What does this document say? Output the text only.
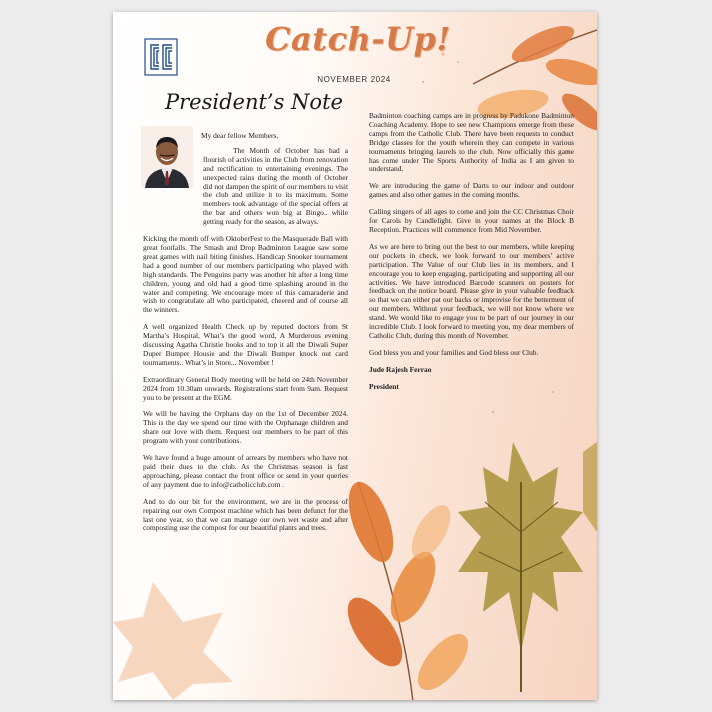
Catch-Up!
NOVEMBER 2024
President’s Note

My dear fellow Members,

The Month of October has had a flourish of activities in the Club from renovation and rectification to entertaining evenings. The unexpected rains during the month of October did not dampen the spirit of our members to visit the club and utilize it to its maximum. Some members took advantage of the special offers at the bar and others won big at Bingo.. while getting ready for the season, as always.

Kicking the month off with OktoberFest to the Masquerade Ball with great footfalls. The Smash and Drop Badminton League saw some great games with nail biting finishes. Handicap Snooker tournament had a good number of our members participating who played with high standards. The Penguins party was another hit after a long time children, young and old had a good time splashing around in the water and competing. We encourage more of this camaraderie and wish to congratulate all who participated, cheered and of course all the winners.

A well organized Health Check up by reputed doctors from St Martha’s Hospital, What’s the good word, A Murderous evening discussing Agatha Christie books and to top it all the Diwali Super Duper Bumper Housie and the Diwali Bumper knock out card tournaments.. What’s in Store... November !

Extraordinary General Body meeting will be held on 24th November 2024 from 10.30am onwards. Registrations start from 9am. Request you to be present at the EGM.

We will be having the Orphans day on the 1st of December 2024. This is the day we spend our time with the Orphanage children and share our love with them. Request our members to be part of this program with your contributions.

We have found a huge amount of arrears by members who have not paid their dues to the club. As the Christmas season is fast approaching, please contact the front office or send in your queries of any payment due to info@catholicclub.com .

And to do our bit for the environment, we are in the process of repairing our own Compost machine which has been defunct for the last one year, so that we can manage our own wet waste and after composting use the compost for our beautiful plants and trees.

Badminton coaching camps are in progress by Padukone Badminton Coaching Academy. Hope to see new Champions emerge from these camps from the Catholic Club. There have been requests to conduct Bridge classes for the youth wherein they can compete in various tournaments bringing laurels to the club. Now officially this game has come under The Sports Authority of India as I am given to understand.

We are introducing the game of Darts to our indoor and outdoor games and also other games in the coming months.

Calling singers of all ages to come and join the CC Christmas Choir for Carols by Candlelight. Give in your names at the Block B Reception. Practices will commence from Mid November.

As we are here to bring out the best to our members, while keeping our pockets in check, we look forward to our members’ active participation. The Value of our Club lies in its members, and I encourage you to keep engaging, participating and supporting all our activities. We have introduced Barcode scanners on posters for feedback on the notice board. Please give in your valuable feedback so that we can either pat our backs or improvise for the betterment of our members. Without your feedback, we will not know where we stand. We would like to engage you to be part of our journey in our incredible Club. I look forward to meeting you, my dear members of Catholic Club, during this month of November.

God bless you and your families and God bless our Club.

Jude Rajesh Ferrao

President
